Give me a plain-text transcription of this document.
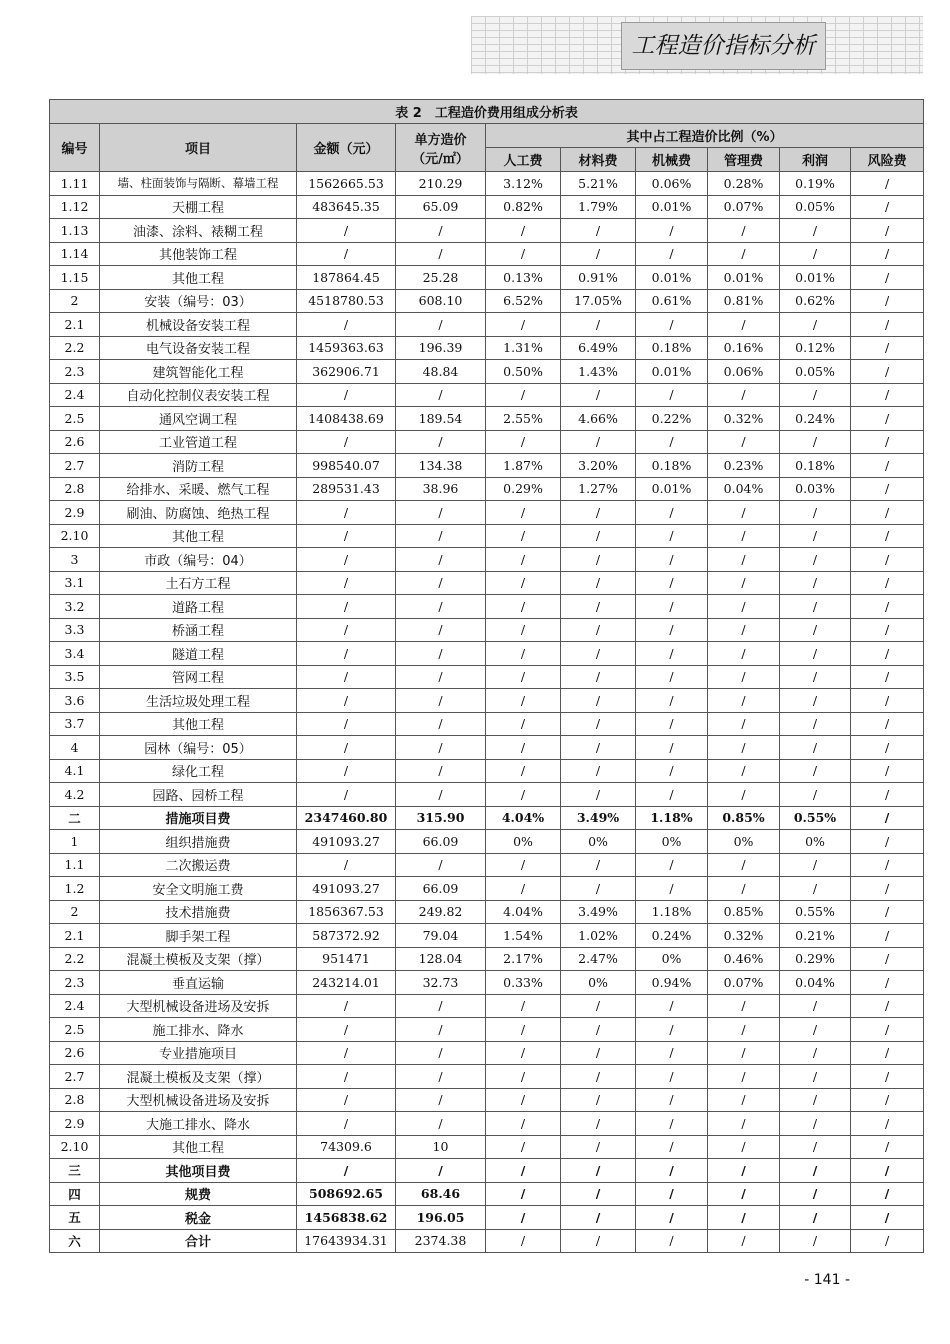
工程造价指标分析
表 2　工程造价费用组成分析表									
编号	项目	金额（元）	单方造价
（元/㎡）	其中占工程造价比例（%）					
				人工费	材料费	机械费	管理费	利润	风险费
1.11	墙、柱面装饰与隔断、幕墙工程	1562665.53	210.29	3.12%	5.21%	0.06%	0.28%	0.19%	/
1.12	天棚工程	483645.35	65.09	0.82%	1.79%	0.01%	0.07%	0.05%	/
1.13	油漆、涂料、裱糊工程	/	/	/	/	/	/	/	/
1.14	其他装饰工程	/	/	/	/	/	/	/	/
1.15	其他工程	187864.45	25.28	0.13%	0.91%	0.01%	0.01%	0.01%	/
2	安装（编号：03）	4518780.53	608.10	6.52%	17.05%	0.61%	0.81%	0.62%	/
2.1	机械设备安装工程	/	/	/	/	/	/	/	/
2.2	电气设备安装工程	1459363.63	196.39	1.31%	6.49%	0.18%	0.16%	0.12%	/
2.3	建筑智能化工程	362906.71	48.84	0.50%	1.43%	0.01%	0.06%	0.05%	/
2.4	自动化控制仪表安装工程	/	/	/	/	/	/	/	/
2.5	通风空调工程	1408438.69	189.54	2.55%	4.66%	0.22%	0.32%	0.24%	/
2.6	工业管道工程	/	/	/	/	/	/	/	/
2.7	消防工程	998540.07	134.38	1.87%	3.20%	0.18%	0.23%	0.18%	/
2.8	给排水、采暖、燃气工程	289531.43	38.96	0.29%	1.27%	0.01%	0.04%	0.03%	/
2.9	刷油、防腐蚀、绝热工程	/	/	/	/	/	/	/	/
2.10	其他工程	/	/	/	/	/	/	/	/
3	市政（编号：04）	/	/	/	/	/	/	/	/
3.1	土石方工程	/	/	/	/	/	/	/	/
3.2	道路工程	/	/	/	/	/	/	/	/
3.3	桥涵工程	/	/	/	/	/	/	/	/
3.4	隧道工程	/	/	/	/	/	/	/	/
3.5	管网工程	/	/	/	/	/	/	/	/
3.6	生活垃圾处理工程	/	/	/	/	/	/	/	/
3.7	其他工程	/	/	/	/	/	/	/	/
4	园林（编号：05）	/	/	/	/	/	/	/	/
4.1	绿化工程	/	/	/	/	/	/	/	/
4.2	园路、园桥工程	/	/	/	/	/	/	/	/
二	措施项目费	2347460.80	315.90	4.04%	3.49%	1.18%	0.85%	0.55%	/
1	组织措施费	491093.27	66.09	0%	0%	0%	0%	0%	/
1.1	二次搬运费	/	/	/	/	/	/	/	/
1.2	安全文明施工费	491093.27	66.09	/	/	/	/	/	/
2	技术措施费	1856367.53	249.82	4.04%	3.49%	1.18%	0.85%	0.55%	/
2.1	脚手架工程	587372.92	79.04	1.54%	1.02%	0.24%	0.32%	0.21%	/
2.2	混凝土模板及支架（撑）	951471	128.04	2.17%	2.47%	0%	0.46%	0.29%	/
2.3	垂直运输	243214.01	32.73	0.33%	0%	0.94%	0.07%	0.04%	/
2.4	大型机械设备进场及安拆	/	/	/	/	/	/	/	/
2.5	施工排水、降水	/	/	/	/	/	/	/	/
2.6	专业措施项目	/	/	/	/	/	/	/	/
2.7	混凝土模板及支架（撑）	/	/	/	/	/	/	/	/
2.8	大型机械设备进场及安拆	/	/	/	/	/	/	/	/
2.9	大施工排水、降水	/	/	/	/	/	/	/	/
2.10	其他工程	74309.6	10	/	/	/	/	/	/
三	其他项目费	/	/	/	/	/	/	/	/
四	规费	508692.65	68.46	/	/	/	/	/	/
五	税金	1456838.62	196.05	/	/	/	/	/	/
六	合计	17643934.31	2374.38	/	/	/	/	/	/
- 141 -
